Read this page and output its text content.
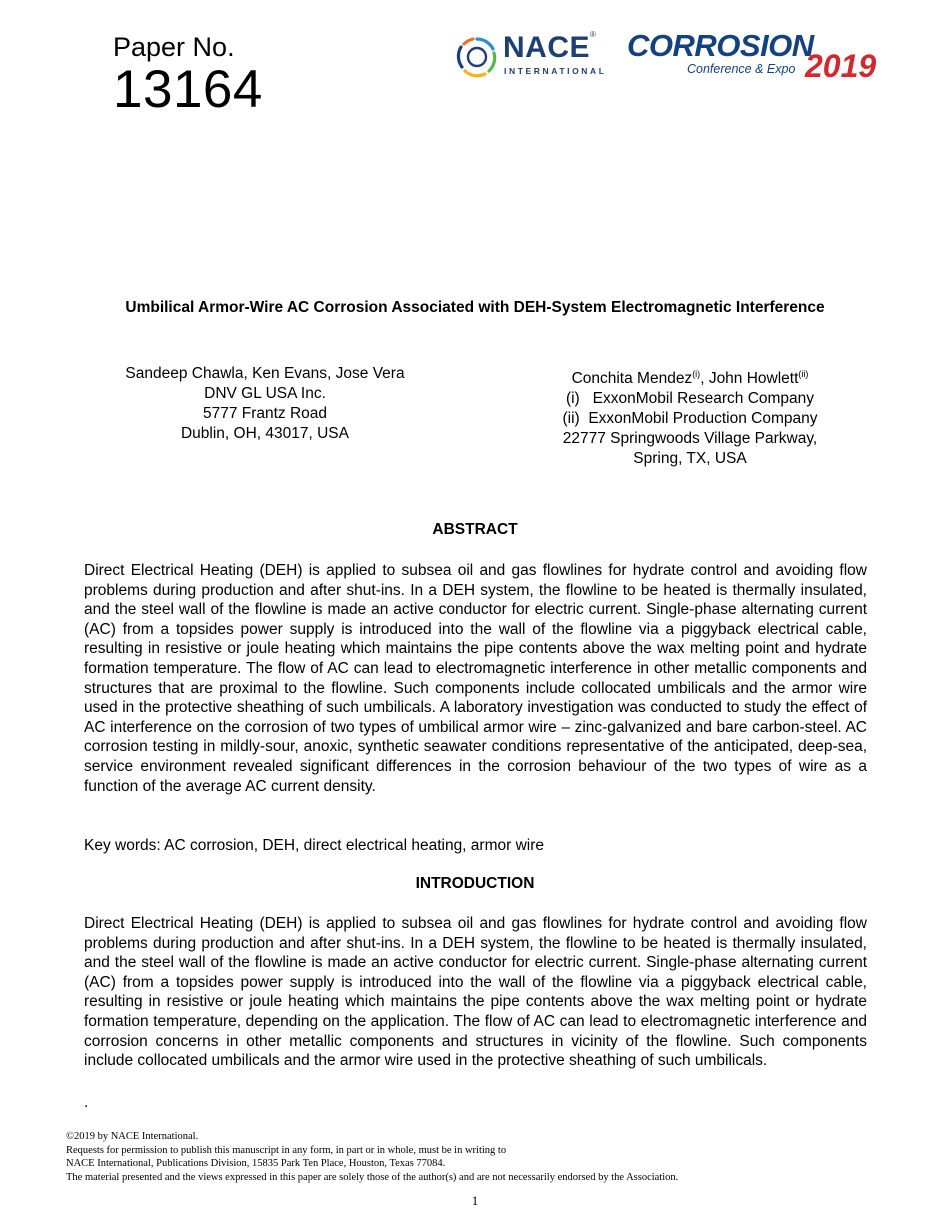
Paper No.
13164
NACE®
INTERNATIONAL
CORROSION
Conference & Expo 2019
Umbilical Armor-Wire AC Corrosion Associated with DEH-System Electromagnetic Interference
Sandeep Chawla, Ken Evans, Jose Vera
DNV GL USA Inc.
5777 Frantz Road
Dublin, OH, 43017, USA
Conchita Mendez$^{(i)}$, John Howlett$^{(ii)}$
(i)   ExxonMobil Research Company
(ii)  ExxonMobil Production Company
22777 Springwoods Village Parkway,
Spring, TX, USA
ABSTRACT
Direct Electrical Heating (DEH) is applied to subsea oil and gas flowlines for hydrate control and avoiding flow problems during production and after shut-ins. In a DEH system, the flowline to be heated is thermally insulated, and the steel wall of the flowline is made an active conductor for electric current. Single-phase alternating current (AC) from a topsides power supply is introduced into the wall of the flowline via a piggyback electrical cable, resulting in resistive or joule heating which maintains the pipe contents above the wax melting point and hydrate formation temperature. The flow of AC can lead to electromagnetic interference in other metallic components and structures that are proximal to the flowline. Such components include collocated umbilicals and the armor wire used in the protective sheathing of such umbilicals. A laboratory investigation was conducted to study the effect of AC interference on the corrosion of two types of umbilical armor wire – zinc-galvanized and bare carbon-steel. AC corrosion testing in mildly-sour, anoxic, synthetic seawater conditions representative of the anticipated, deep-sea, service environment revealed significant differences in the corrosion behaviour of the two types of wire as a function of the average AC current density.
Key words: AC corrosion, DEH, direct electrical heating, armor wire
INTRODUCTION
Direct Electrical Heating (DEH) is applied to subsea oil and gas flowlines for hydrate control and avoiding flow problems during production and after shut-ins. In a DEH system, the flowline to be heated is thermally insulated, and the steel wall of the flowline is made an active conductor for electric current. Single-phase alternating current (AC) from a topsides power supply is introduced into the wall of the flowline via a piggyback electrical cable, resulting in resistive or joule heating which maintains the pipe contents above the wax melting point or hydrate formation temperature, depending on the application. The flow of AC can lead to electromagnetic interference and corrosion concerns in other metallic components and structures in vicinity of the flowline. Such components include collocated umbilicals and the armor wire used in the protective sheathing of such umbilicals.
.
©2019 by NACE International.
Requests for permission to publish this manuscript in any form, in part or in whole, must be in writing to
NACE International, Publications Division, 15835 Park Ten Place, Houston, Texas 77084.
The material presented and the views expressed in this paper are solely those of the author(s) and are not necessarily endorsed by the Association.
1
